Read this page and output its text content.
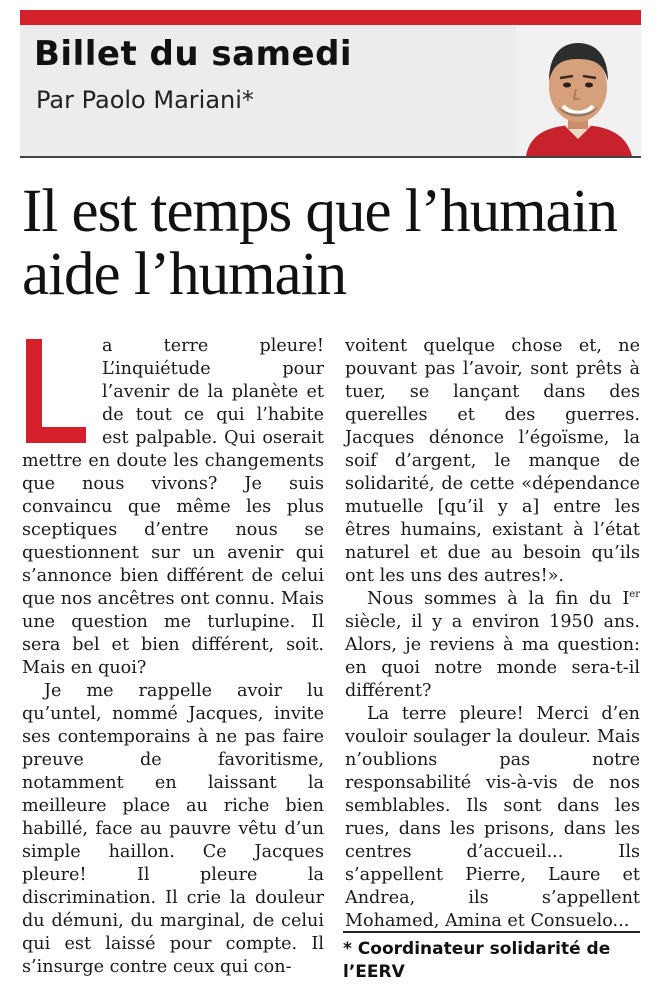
Billet du samedi

Par Paolo Mariani*

Il est temps que l’humain aide l’humain

a terre pleure! L’inquiétude pour l’avenir de la planète et de tout ce qui l’habite est palpable. Qui oserait mettre en doute les changements que nous vivons? Je suis convaincu que même les plus sceptiques d’entre nous se questionnent sur un avenir qui s’annonce bien différent de celui que nos ancêtres ont connu. Mais une question me turlupine. Il sera bel et bien différent, soit. Mais en quoi?

Je me rappelle avoir lu qu’untel, nommé Jacques, invite ses contemporains à ne pas faire preuve de favoritisme, notamment en laissant la meilleure place au riche bien habillé, face au pauvre vêtu d’un simple haillon. Ce Jacques pleure! Il pleure la discrimination. Il crie la douleur du démuni, du marginal, de celui qui est laissé pour compte. Il s’insurge contre ceux qui con-

voitent quelque chose et, ne pouvant pas l’avoir, sont prêts à tuer, se lançant dans des querelles et des guerres. Jacques dénonce l’égoïsme, la soif d’argent, le manque de solidarité, de cette «dépendance mutuelle [qu’il y a] entre les êtres humains, existant à l’état naturel et due au besoin qu’ils ont les uns des autres!».

Nous sommes à la fin du Ier siècle, il y a environ 1950 ans. Alors, je reviens à ma question: en quoi notre monde sera-t-il différent?

La terre pleure! Merci d’en vouloir soulager la douleur. Mais n’oublions pas notre responsabilité vis-à-vis de nos semblables. Ils sont dans les rues, dans les prisons, dans les centres d’accueil... Ils s’appellent Pierre, Laure et Andrea, ils s’appellent Mohamed, Amina et Consuelo...

* Coordinateur solidarité de l’EERV
